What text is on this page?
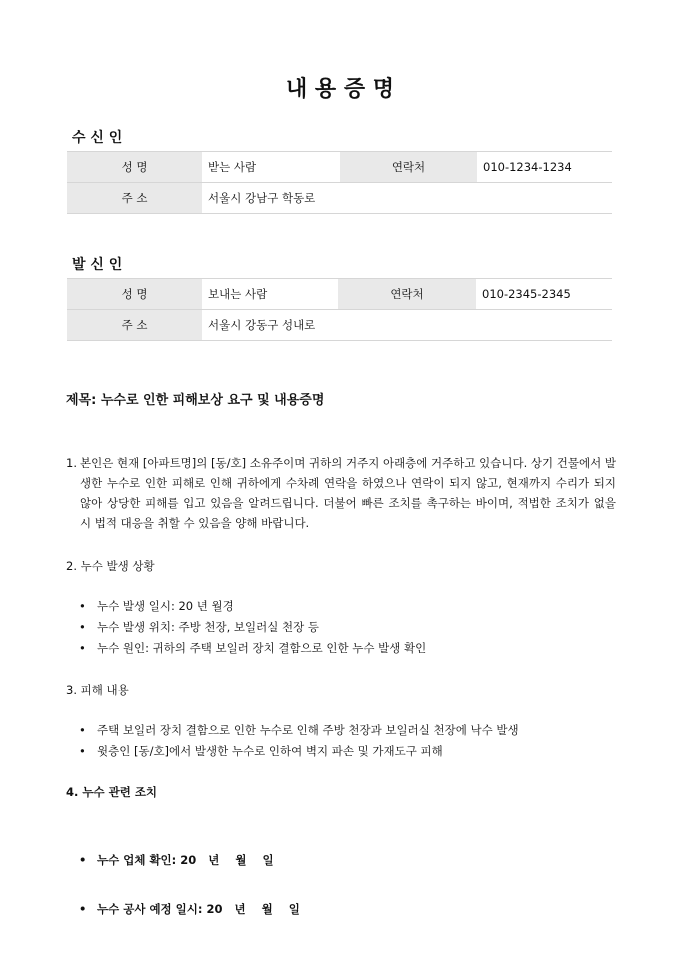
내 용 증 명
수 신 인
성 명	받는 사람	연락처	010-1234-1234
주 소	서울시 강남구 학동로		
발 신 인
성 명	보내는 사람	연락처	010-2345-2345
주 소	서울시 강동구 성내로		
제목: 누수로 인한 피해보상 요구 및 내용증명
1. 본인은 현재 [아파트명]의 [동/호] 소유주이며 귀하의 거주지 아래층에 거주하고 있습니다. 상기 건물에서 발생한 누수로 인한 피해로 인해 귀하에게 수차례 연락을 하였으나 연락이 되지 않고, 현재까지 수리가 되지 않아 상당한 피해를 입고 있음을 알려드립니다. 더불어 빠른 조치를 촉구하는 바이며, 적법한 조치가 없을 시 법적 대응을 취할 수 있음을 양해 바랍니다.
2. 누수 발생 상황
• 누수 발생 일시: 20 년 월경
• 누수 발생 위치: 주방 천장, 보일러실 천장 등
• 누수 원인: 귀하의 주택 보일러 장치 결함으로 인한 누수 발생 확인
3. 피해 내용
• 주택 보일러 장치 결함으로 인한 누수로 인해 주방 천장과 보일러실 천장에 낙수 발생
• 윗층인 [동/호]에서 발생한 누수로 인하여 벽지 파손 및 가재도구 피해
4. 누수 관련 조치

• 누수 업체 확인: 20   년    월    일

• 누수 공사 예정 일시: 20   년    월    일
